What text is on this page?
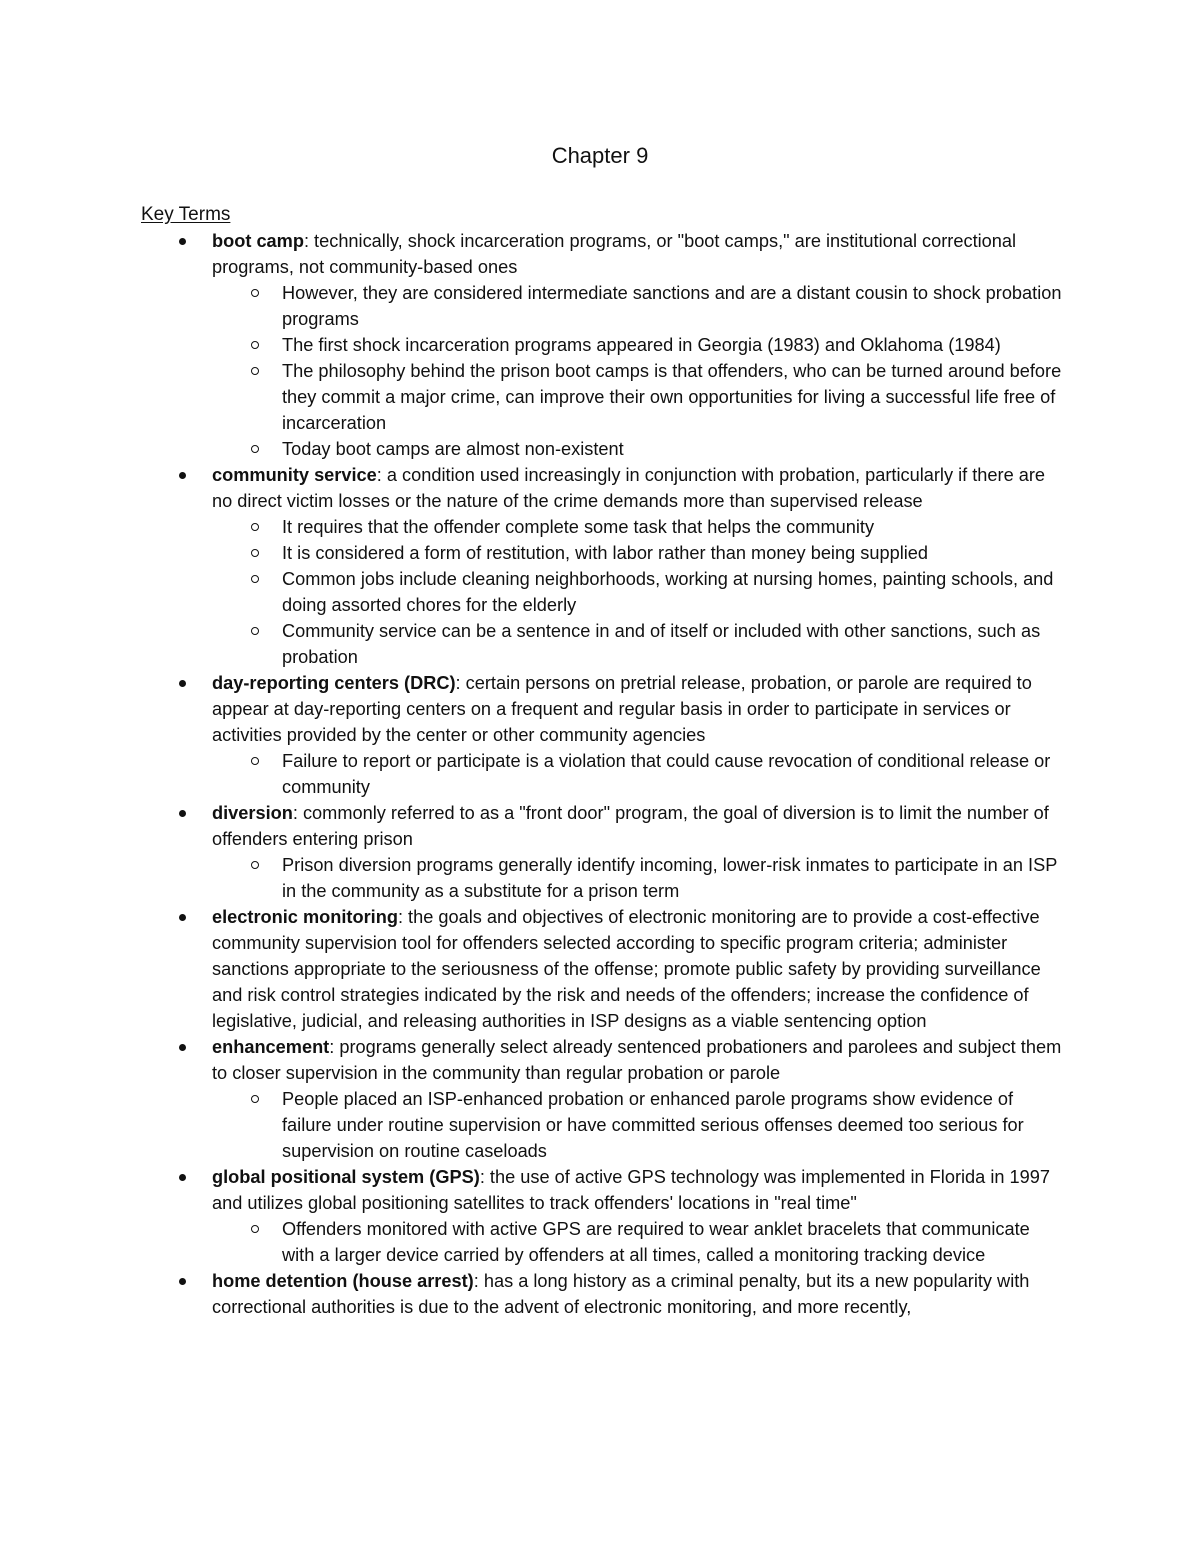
Chapter 9
Key Terms
boot camp: technically, shock incarceration programs, or "boot camps," are institutional correctional programs, not community-based ones
However, they are considered intermediate sanctions and are a distant cousin to shock probation programs
The first shock incarceration programs appeared in Georgia (1983) and Oklahoma (1984)
The philosophy behind the prison boot camps is that offenders, who can be turned around before they commit a major crime, can improve their own opportunities for living a successful life free of incarceration
Today boot camps are almost non-existent
community service: a condition used increasingly in conjunction with probation, particularly if there are no direct victim losses or the nature of the crime demands more than supervised release
It requires that the offender complete some task that helps the community
It is considered a form of restitution, with labor rather than money being supplied
Common jobs include cleaning neighborhoods, working at nursing homes, painting schools, and doing assorted chores for the elderly
Community service can be a sentence in and of itself or included with other sanctions, such as probation
day-reporting centers (DRC): certain persons on pretrial release, probation, or parole are required to appear at day-reporting centers on a frequent and regular basis in order to participate in services or activities provided by the center or other community agencies
Failure to report or participate is a violation that could cause revocation of conditional release or community
diversion: commonly referred to as a "front door" program, the goal of diversion is to limit the number of offenders entering prison
Prison diversion programs generally identify incoming, lower-risk inmates to participate in an ISP in the community as a substitute for a prison term
electronic monitoring: the goals and objectives of electronic monitoring are to provide a cost-effective community supervision tool for offenders selected according to specific program criteria; administer sanctions appropriate to the seriousness of the offense; promote public safety by providing surveillance and risk control strategies indicated by the risk and needs of the offenders; increase the confidence of legislative, judicial, and releasing authorities in ISP designs as a viable sentencing option
enhancement: programs generally select already sentenced probationers and parolees and subject them to closer supervision in the community than regular probation or parole
People placed an ISP-enhanced probation or enhanced parole programs show evidence of failure under routine supervision or have committed serious offenses deemed too serious for supervision on routine caseloads
global positional system (GPS): the use of active GPS technology was implemented in Florida in 1997 and utilizes global positioning satellites to track offenders' locations in "real time"
Offenders monitored with active GPS are required to wear anklet bracelets that communicate with a larger device carried by offenders at all times, called a monitoring tracking device
home detention (house arrest): has a long history as a criminal penalty, but its a new popularity with correctional authorities is due to the advent of electronic monitoring, and more recently,
